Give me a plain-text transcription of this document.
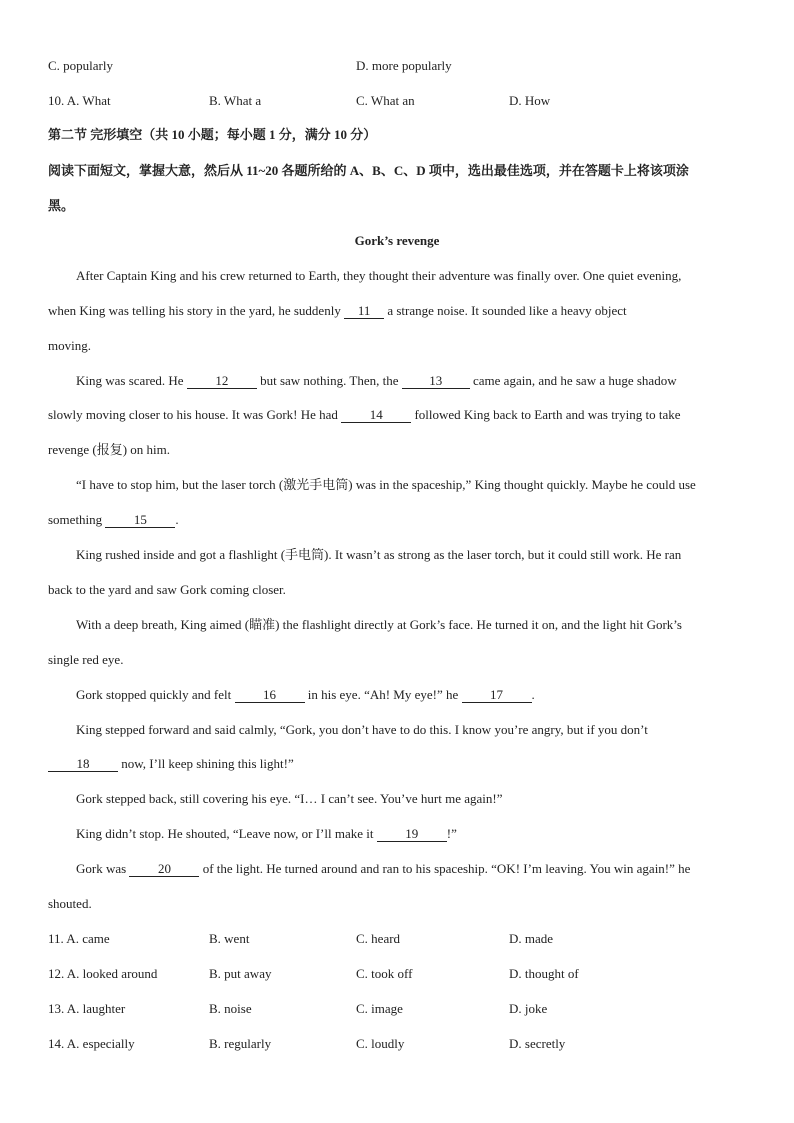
C. popularly	D. more popularly
10. A. What	B. What a	C. What an	D. How
第二节 完形填空（共 10 小题；每小题 1 分，满分 10 分）
阅读下面短文，掌握大意，然后从 11~20 各题所给的 A、B、C、D 项中，选出最佳选项，并在答题卡上将该项涂
黑。
Gork’s revenge
After Captain King and his crew returned to Earth, they thought their adventure was finally over. One quiet evening,
when King was telling his story in the yard, he suddenly 11 a strange noise. It sounded like a heavy object
moving.
King was scared. He 12 but saw nothing. Then, the 13 came again, and he saw a huge shadow
slowly moving closer to his house. It was Gork! He had 14 followed King back to Earth and was trying to take
revenge (报复) on him.
“I have to stop him, but the laser torch (激光手电筒) was in the spaceship,” King thought quickly. Maybe he could use
something 15 .
King rushed inside and got a flashlight (手电筒). It wasn’t as strong as the laser torch, but it could still work. He ran
back to the yard and saw Gork coming closer.
With a deep breath, King aimed (瞄准) the flashlight directly at Gork’s face. He turned it on, and the light hit Gork’s
single red eye.
Gork stopped quickly and felt 16 in his eye. “Ah! My eye!” he 17 .
King stepped forward and said calmly, “Gork, you don’t have to do this. I know you’re angry, but if you don’t
18 now, I’ll keep shining this light!”
Gork stepped back, still covering his eye. “I… I can’t see. You’ve hurt me again!”
King didn’t stop. He shouted, “Leave now, or I’ll make it 19 !”
Gork was 20 of the light. He turned around and ran to his spaceship. “OK! I’m leaving. You win again!” he
shouted.
11. A. came	B. went	C. heard	D. made
12. A. looked around	B. put away	C. took off	D. thought of
13. A. laughter	B. noise	C. image	D. joke
14. A. especially	B. regularly	C. loudly	D. secretly
